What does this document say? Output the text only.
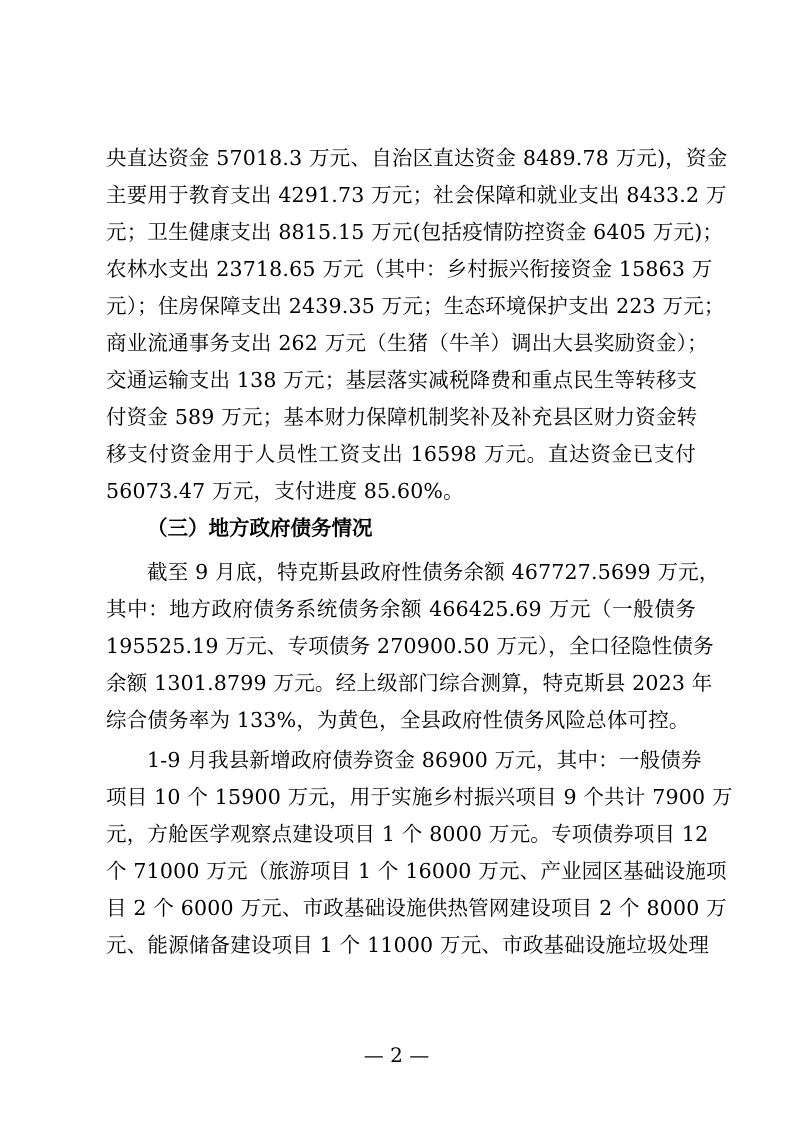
央直达资金 57018.3 万元、自治区直达资金 8489.78 万元)，资金
主要用于教育支出 4291.73 万元；社会保障和就业支出 8433.2 万
元；卫生健康支出 8815.15 万元(包括疫情防控资金 6405 万元)；
农林水支出 23718.65 万元（其中：乡村振兴衔接资金 15863 万
元）；住房保障支出 2439.35 万元；生态环境保护支出 223 万元；
商业流通事务支出 262 万元（生猪（牛羊）调出大县奖励资金）；
交通运输支出 138 万元；基层落实减税降费和重点民生等转移支
付资金 589 万元；基本财力保障机制奖补及补充县区财力资金转
移支付资金用于人员性工资支出 16598 万元。直达资金已支付
56073.47 万元，支付进度 85.60%。
（三）地方政府债务情况
截至 9 月底，特克斯县政府性债务余额 467727.5699 万元，
其中：地方政府债务系统债务余额 466425.69 万元（一般债务
195525.19 万元、专项债务 270900.50 万元），全口径隐性债务
余额 1301.8799 万元。经上级部门综合测算，特克斯县 2023 年
综合债务率为 133%，为黄色，全县政府性债务风险总体可控。
1-9 月我县新增政府债券资金 86900 万元，其中：一般债券
项目 10 个 15900 万元，用于实施乡村振兴项目 9 个共计 7900 万
元，方舱医学观察点建设项目 1 个 8000 万元。专项债券项目 12
个 71000 万元（旅游项目 1 个 16000 万元、产业园区基础设施项
目 2 个 6000 万元、市政基础设施供热管网建设项目 2 个 8000 万
元、能源储备建设项目 1 个 11000 万元、市政基础设施垃圾处理
— 2 —
